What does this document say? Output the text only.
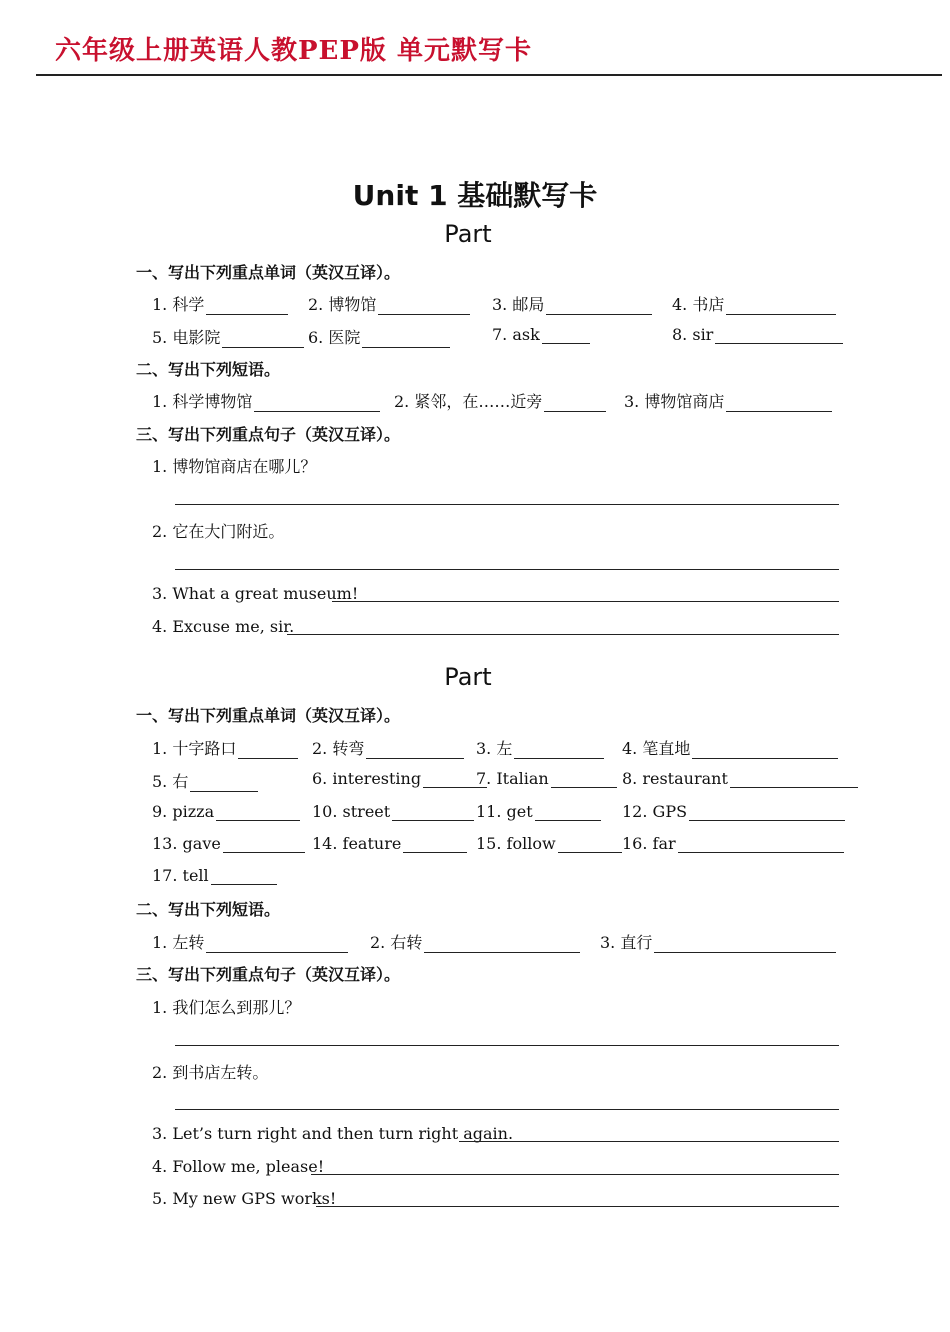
六年级上册英语人教PEP版 单元默写卡
Unit 1 基础默写卡
Part
一、写出下列重点单词（英汉互译）。
1. 科学	2. 博物馆	3. 邮局	4. 书店
5. 电影院	6. 医院	7. ask	8. sir
二、写出下列短语。
1. 科学博物馆	2. 紧邻，在……近旁	3. 博物馆商店
三、写出下列重点句子（英汉互译）。
1. 博物馆商店在哪儿？
2. 它在大门附近。
3. What a great museum!
4. Excuse me, sir.
Part
一、写出下列重点单词（英汉互译）。
1. 十字路口	2. 转弯	3. 左	4. 笔直地
5. 右	6. interesting	7. Italian	8. restaurant
9. pizza	10. street	11. get	12. GPS
13. gave	14. feature	15. follow	16. far
17. tell
二、写出下列短语。
1. 左转	2. 右转	3. 直行
三、写出下列重点句子（英汉互译）。
1. 我们怎么到那儿？
2. 到书店左转。
3. Let’s turn right and then turn right again.
4. Follow me, please!
5. My new GPS works!
